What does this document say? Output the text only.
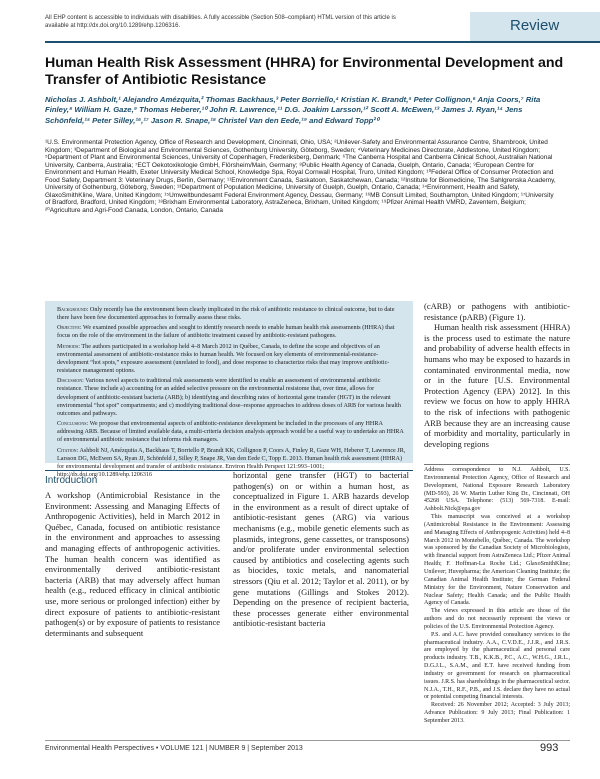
All EHP content is accessible to individuals with disabilities. A fully accessible (Section 508–compliant) HTML version of this article is available at http://dx.doi.org/10.1289/ehp.1206316.	Review
Human Health Risk Assessment (HHRA) for Environmental Development and Transfer of Antibiotic Resistance
Nicholas J. Ashbolt,¹ Alejandro Amézquita,² Thomas Backhaus,³ Peter Borriello,⁴ Kristian K. Brandt,⁵ Peter Collignon,⁶ Anja Coors,⁷ Rita Finley,⁸ William H. Gaze,⁹ Thomas Heberer,¹⁰ John R. Lawrence,¹¹ D.G. Joakim Larsson,¹² Scott A. McEwen,¹³ James J. Ryan,¹⁴ Jens Schönfeld,¹⁵ Peter Silley,¹⁶,¹⁷ Jason R. Snape,¹⁸ Christel Van den Eede,¹⁹ and Edward Topp²⁰
¹U.S. Environmental Protection Agency, Office of Research and Development, Cincinnati, Ohio, USA; ²Unilever-Safety and Environmental Assurance Centre, Sharnbrook, United Kingdom; ³Department of Biological and Environmental Sciences, Gothenburg University, Göteborg, Sweden; ⁴Veterinary Medicines Directorate, Addlestone, United Kingdom; ⁵Department of Plant and Environmental Sciences, University of Copenhagen, Frederiksberg, Denmark; ⁶The Canberra Hospital and Canberra Clinical School, Australian National University, Canberra, Australia; ⁷ECT Oekotoxikologie GmbH, Flörsheim/Main, Germany; ⁸Public Health Agency of Canada, Guelph, Ontario, Canada; ⁹European Centre for Environment and Human Health, Exeter University Medical School, Knowledge Spa, Royal Cornwall Hospital, Truro, United Kingdom; ¹⁰Federal Office of Consumer Protection and Food Safety, Department 3: Veterinary Drugs, Berlin, Germany; ¹¹Environment Canada, Saskatoon, Saskatchewan, Canada; ¹²Institute for Biomedicine, The Sahlgrenska Academy, University of Gothenburg, Göteborg, Sweden; ¹³Department of Population Medicine, University of Guelph, Guelph, Ontario, Canada; ¹⁴Environment, Health and Safety, GlaxoSmithKline, Ware, United Kingdom; ¹⁵Umweltbundesamt Federal Environment Agency, Dessau, Germany; ¹⁶MB Consult Limited, Southampton, United Kingdom; ¹⁷University of Bradford, Bradford, United Kingdom; ¹⁸Brixham Environmental Laboratory, AstraZeneca, Brixham, United Kingdom; ¹⁹Pfizer Animal Health VMRD, Zaventem, Belgium; ²⁰Agriculture and Agri-Food Canada, London, Ontario, Canada

Background: Only recently has the environment been clearly implicated in the risk of antibiotic resistance to clinical outcome, but to date there have been few documented approaches to formally assess these risks.

Objective: We examined possible approaches and sought to identify research needs to enable human health risk assessments (HHRA) that focus on the role of the environment in the failure of antibiotic treatment caused by antibiotic-resistant pathogens.

Methods: The authors participated in a workshop held 4–8 March 2012 in Québec, Canada, to define the scope and objectives of an environmental assessment of antibiotic-resistance risks to human health. We focused on key elements of environmental-resistance-development “hot spots,” exposure assessment (unrelated to food), and dose response to characterize risks that may improve antibiotic-resistance management options.

Discussion: Various novel aspects to traditional risk assessments were identified to enable an assessment of environmental antibiotic resistance. These include a) accounting for an added selective pressure on the environmental resistome that, over time, allows for development of antibiotic-resistant bacteria (ARB); b) identifying and describing rates of horizontal gene transfer (HGT) in the relevant environmental “hot spot” compartments; and c) modifying traditional dose–response approaches to address doses of ARB for various health outcomes and pathways.

Conclusions: We propose that environmental aspects of antibiotic-resistance development be included in the processes of any HHRA addressing ARB. Because of limited available data, a multi-criteria decision analysis approach would be a useful way to undertake an HHRA of environmental antibiotic resistance that informs risk managers.

Citation: Ashbolt NJ, Amézquita A, Backhaus T, Borriello P, Brandt KK, Collignon P, Coors A, Finley R, Gaze WH, Heberer T, Lawrence JR, Larsson DG, McEwen SA, Ryan JJ, Schönfeld J, Silley P, Snape JR, Van den Eede C, Topp E. 2013. Human health risk assessment (HHRA) for environmental development and transfer of antibiotic resistance. Environ Health Perspect 121:993–1001; http://dx.doi.org/10.1289/ehp.1206316

(cARB) or pathogens with antibiotic-resistance (pARB) (Figure 1).
Human health risk assessment (HHRA) is the process used to estimate the nature and probability of adverse health effects in humans who may be exposed to hazards in contaminated environmental media, now or in the future [U.S. Environmental Protection Agency (EPA) 2012]. In this review we focus on how to apply HHRA to the risk of infections with pathogenic ARB because they are an increasing cause of morbidity and mortality, particularly in developing regions

Address correspondence to N.J. Ashbolt, U.S. Environmental Protection Agency, Office of Research and Development, National Exposure Research Laboratory (MD-593), 26 W. Martin Luther King Dr., Cincinnati, OH 45268 USA. Telephone: (513) 569-7318. E-mail: Ashbolt.Nick@epa.gov

This manuscript was conceived at a workshop (Antimicrobial Resistance in the Environment: Assessing and Managing Effects of Anthropogenic Activities) held 4–8 March 2012 in Montebello, Québec, Canada. The workshop was sponsored by the Canadian Society of Microbiologists, with financial support from AstraZeneca Ltd.; Pfizer Animal Health; F. Hoffman-La Roche Ltd.; GlaxoSmithKline; Unilever; Huvepharma; the American Cleaning Institute; the Canadian Animal Health Institute; the German Federal Ministry for the Environment, Nature Conservation and Nuclear Safety; Health Canada; and the Public Health Agency of Canada.

The views expressed in this article are those of the authors and do not necessarily represent the views or policies of the U.S. Environmental Protection Agency.

P.S. and A.C. have provided consultancy services to the pharmaceutical industry. A.A., C.V.D.E., J.J.R., and J.R.S. are employed by the pharmaceutical and personal care products industry. T.B., K.K.B., P.C., A.C., W.H.G., J.R.L., D.G.J.L., S.A.M., and E.T. have received funding from industry or government for research on pharmaceutical issues. J.R.S. has shareholdings in the pharmaceutical sector. N.J.A., T.H., R.F., P.B., and J.S. declare they have no actual or potential competing financial interests.

Received: 26 November 2012; Accepted: 3 July 2013; Advance Publication: 9 July 2013; Final Publication: 1 September 2013.

Introduction
A workshop (Antimicrobial Resistance in the Environment: Assessing and Managing Effects of Anthropogenic Activities), held in March 2012 in Québec, Canada, focused on antibiotic resistance in the environment and approaches to assessing and managing effects of anthropogenic activities. The human health concern was identified as environmentally derived antibiotic-resistant bacteria (ARB) that may adversely affect human health (e.g., reduced efficacy in clinical antibiotic use, more serious or prolonged infection) either by direct exposure of patients to antibiotic-resistant pathogen(s) or by exposure of patients to resistance determinants and subsequent
horizontal gene transfer (HGT) to bacterial pathogen(s) on or within a human host, as conceptualized in Figure 1. ARB hazards develop in the environment as a result of direct uptake of antibiotic-resistant genes (ARG) via various mechanisms (e.g., mobile genetic elements such as plasmids, integrons, gene cassettes, or transposons) and/or proliferate under environmental selection caused by antibiotics and coselecting agents such as biocides, toxic metals, and nanomaterial stressors (Qiu et al. 2012; Taylor et al. 2011), or by gene mutations (Gillings and Stokes 2012). Depending on the presence of recipient bacteria, these processes generate either environmental antibiotic-resistant bacteria
Environmental Health Perspectives • VOLUME 121 | NUMBER 9 | September 2013	993
